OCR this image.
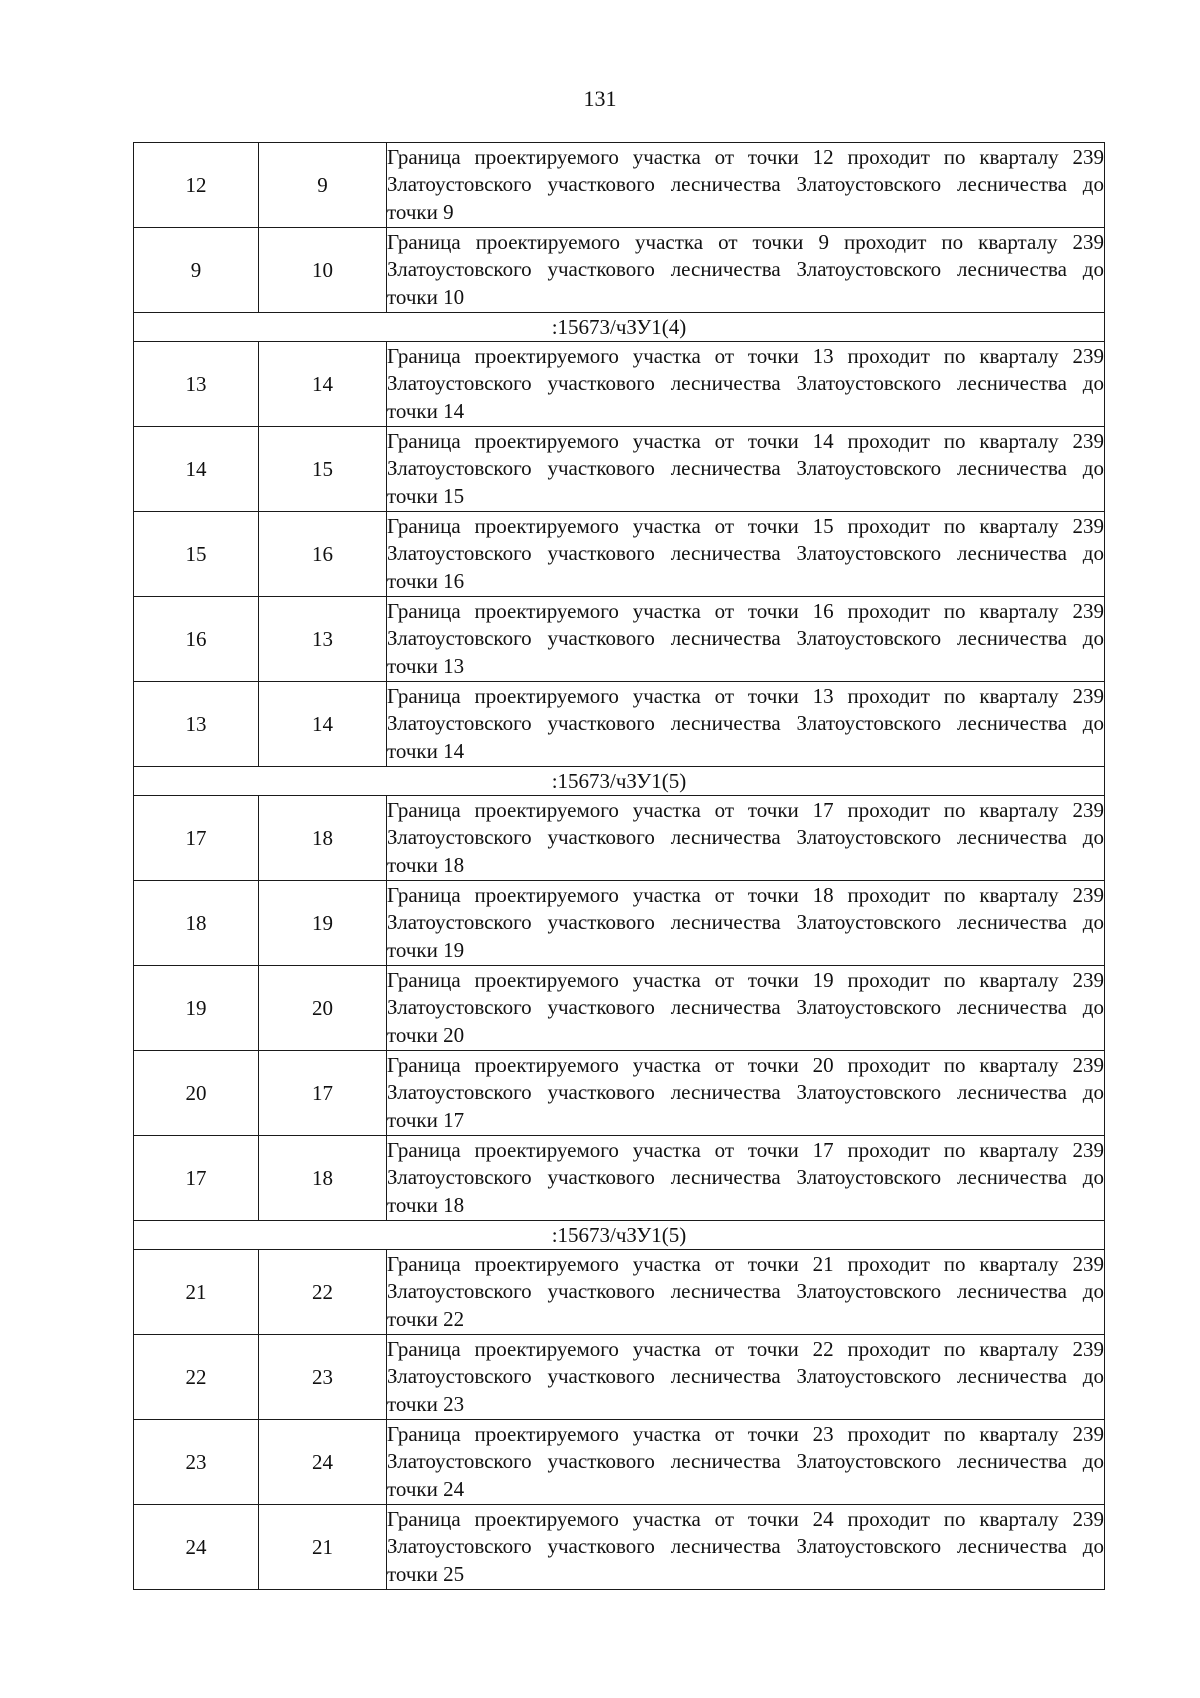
131
12	9	Граница проектируемого участка от точки 12 проходит по кварталу 239 Златоустовского участкового лесничества Златоустовского лесничества до точки 9
9	10	Граница проектируемого участка от точки 9 проходит по кварталу 239 Златоустовского участкового лесничества Златоустовского лесничества до точки 10
:15673/чЗУ1(4)		
13	14	Граница проектируемого участка от точки 13 проходит по кварталу 239 Златоустовского участкового лесничества Златоустовского лесничества до точки 14
14	15	Граница проектируемого участка от точки 14 проходит по кварталу 239 Златоустовского участкового лесничества Златоустовского лесничества до точки 15
15	16	Граница проектируемого участка от точки 15 проходит по кварталу 239 Златоустовского участкового лесничества Златоустовского лесничества до точки 16
16	13	Граница проектируемого участка от точки 16 проходит по кварталу 239 Златоустовского участкового лесничества Златоустовского лесничества до точки 13
13	14	Граница проектируемого участка от точки 13 проходит по кварталу 239 Златоустовского участкового лесничества Златоустовского лесничества до точки 14
:15673/чЗУ1(5)		
17	18	Граница проектируемого участка от точки 17 проходит по кварталу 239 Златоустовского участкового лесничества Златоустовского лесничества до точки 18
18	19	Граница проектируемого участка от точки 18 проходит по кварталу 239 Златоустовского участкового лесничества Златоустовского лесничества до точки 19
19	20	Граница проектируемого участка от точки 19 проходит по кварталу 239 Златоустовского участкового лесничества Златоустовского лесничества до точки 20
20	17	Граница проектируемого участка от точки 20 проходит по кварталу 239 Златоустовского участкового лесничества Златоустовского лесничества до точки 17
17	18	Граница проектируемого участка от точки 17 проходит по кварталу 239 Златоустовского участкового лесничества Златоустовского лесничества до точки 18
:15673/чЗУ1(5)		
21	22	Граница проектируемого участка от точки 21 проходит по кварталу 239 Златоустовского участкового лесничества Златоустовского лесничества до точки 22
22	23	Граница проектируемого участка от точки 22 проходит по кварталу 239 Златоустовского участкового лесничества Златоустовского лесничества до точки 23
23	24	Граница проектируемого участка от точки 23 проходит по кварталу 239 Златоустовского участкового лесничества Златоустовского лесничества до точки 24
24	21	Граница проектируемого участка от точки 24 проходит по кварталу 239 Златоустовского участкового лесничества Златоустовского лесничества до точки 25
